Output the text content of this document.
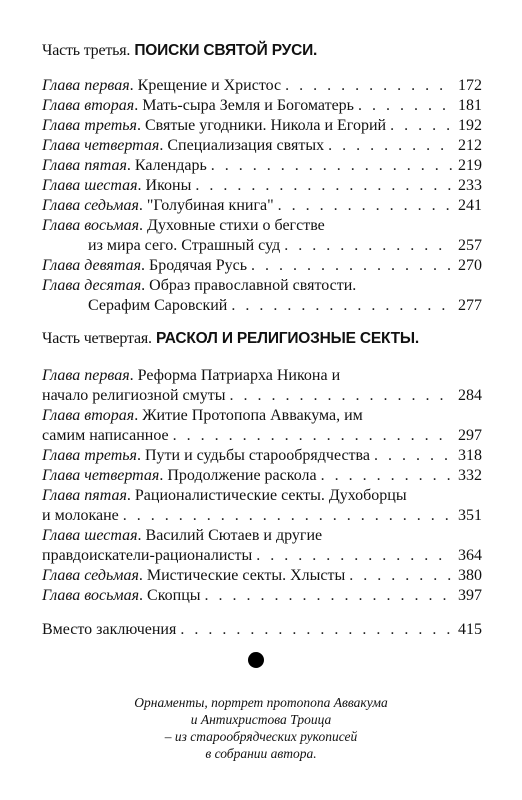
Часть третья. ПОИСКИ СВЯТОЙ РУСИ.
Глава первая . Крещение и Христос . . .	172
Глава вторая . Мать-сыра Земля и Богоматерь . . .	181
Глава третья . Святые угодники. Никола и Егорий . . .	192
Глава четвертая . Специализация святых . . .	212
Глава пятая . Календарь . . .	219
Глава шестая . Иконы . . .	233
Глава седьмая . "Голубиная книга" . . .	241
Глава восьмая . Духовные стихи о бегстве
из мира сего. Страшный суд . . .	257
Глава девятая . Бродячая Русь . . .	270
Глава десятая . Образ православной святости.
Серафим Саровский . . .	277
Часть четвертая. РАСКОЛ И РЕЛИГИОЗНЫЕ СЕКТЫ.
Глава первая . Реформа Патриарха Никона и
начало религиозной смуты . . .	284
Глава вторая . Житие Протопопа Аввакума, им
самим написанное . . .	297
Глава третья . Пути и судьбы старообрядчества . . .	318
Глава четвертая . Продолжение раскола . . .	332
Глава пятая . Рационалистические секты. Духоборцы
и молокане . . .	351
Глава шестая . Василий Сютаев и другие
правдоискатели-рационалисты . . .	364
Глава седьмая . Мистические секты. Хлысты . . .	380
Глава восьмая . Скопцы . . .	397
Вместо заключения . . .	415
Орнаменты, портрет протопопа Аввакума
и Антихристова Троица
– из старообрядческих рукописей
в собрании автора.
